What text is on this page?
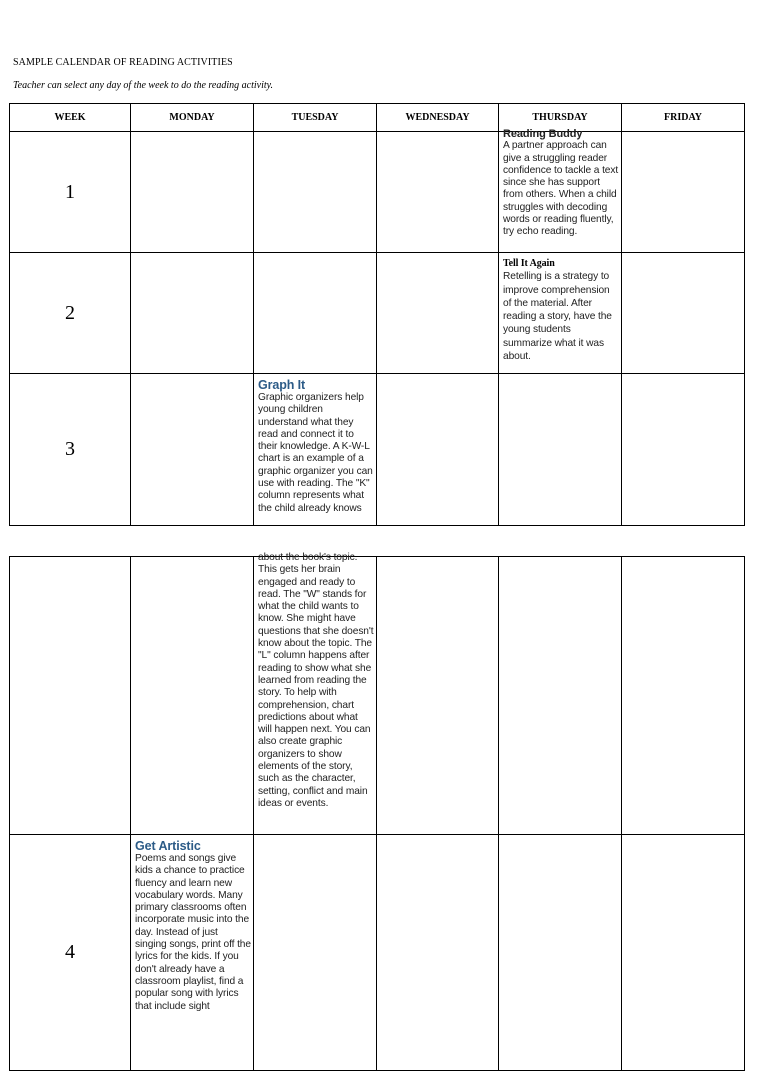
SAMPLE CALENDAR OF READING ACTIVITIES
Teacher can select any day of the week to do the reading activity.
WEEK	MONDAY	TUESDAY	WEDNESDAY	THURSDAY	FRIDAY
1				Reading Buddy
A partner approach can give a struggling reader confidence to tackle a text since she has support from others. When a child struggles with decoding words or reading fluently, try echo reading.	

2				Tell It Again
Retelling is a strategy to improve comprehension of the material. After reading a story, have the young students summarize what it was about.	

3		Graph It
Graphic organizers help young children understand what they read and connect it to their knowledge. A K-W-L chart is an example of a graphic organizer you can use with reading. The "K" column represents what the child already knows			

		about the book's topic. This gets her brain engaged and ready to read. The "W" stands for what the child wants to know. She might have questions that she doesn't know about the topic. The "L" column happens after reading to show what she learned from reading the story. To help with comprehension, chart predictions about what will happen next. You can also create graphic organizers to show elements of the story, such as the character, setting, conflict and main ideas or events.			

4	Get Artistic
Poems and songs give kids a chance to practice fluency and learn new vocabulary words. Many primary classrooms often incorporate music into the day. Instead of just singing songs, print off the lyrics for the kids. If you don't already have a classroom playlist, find a popular song with lyrics that include sight				
